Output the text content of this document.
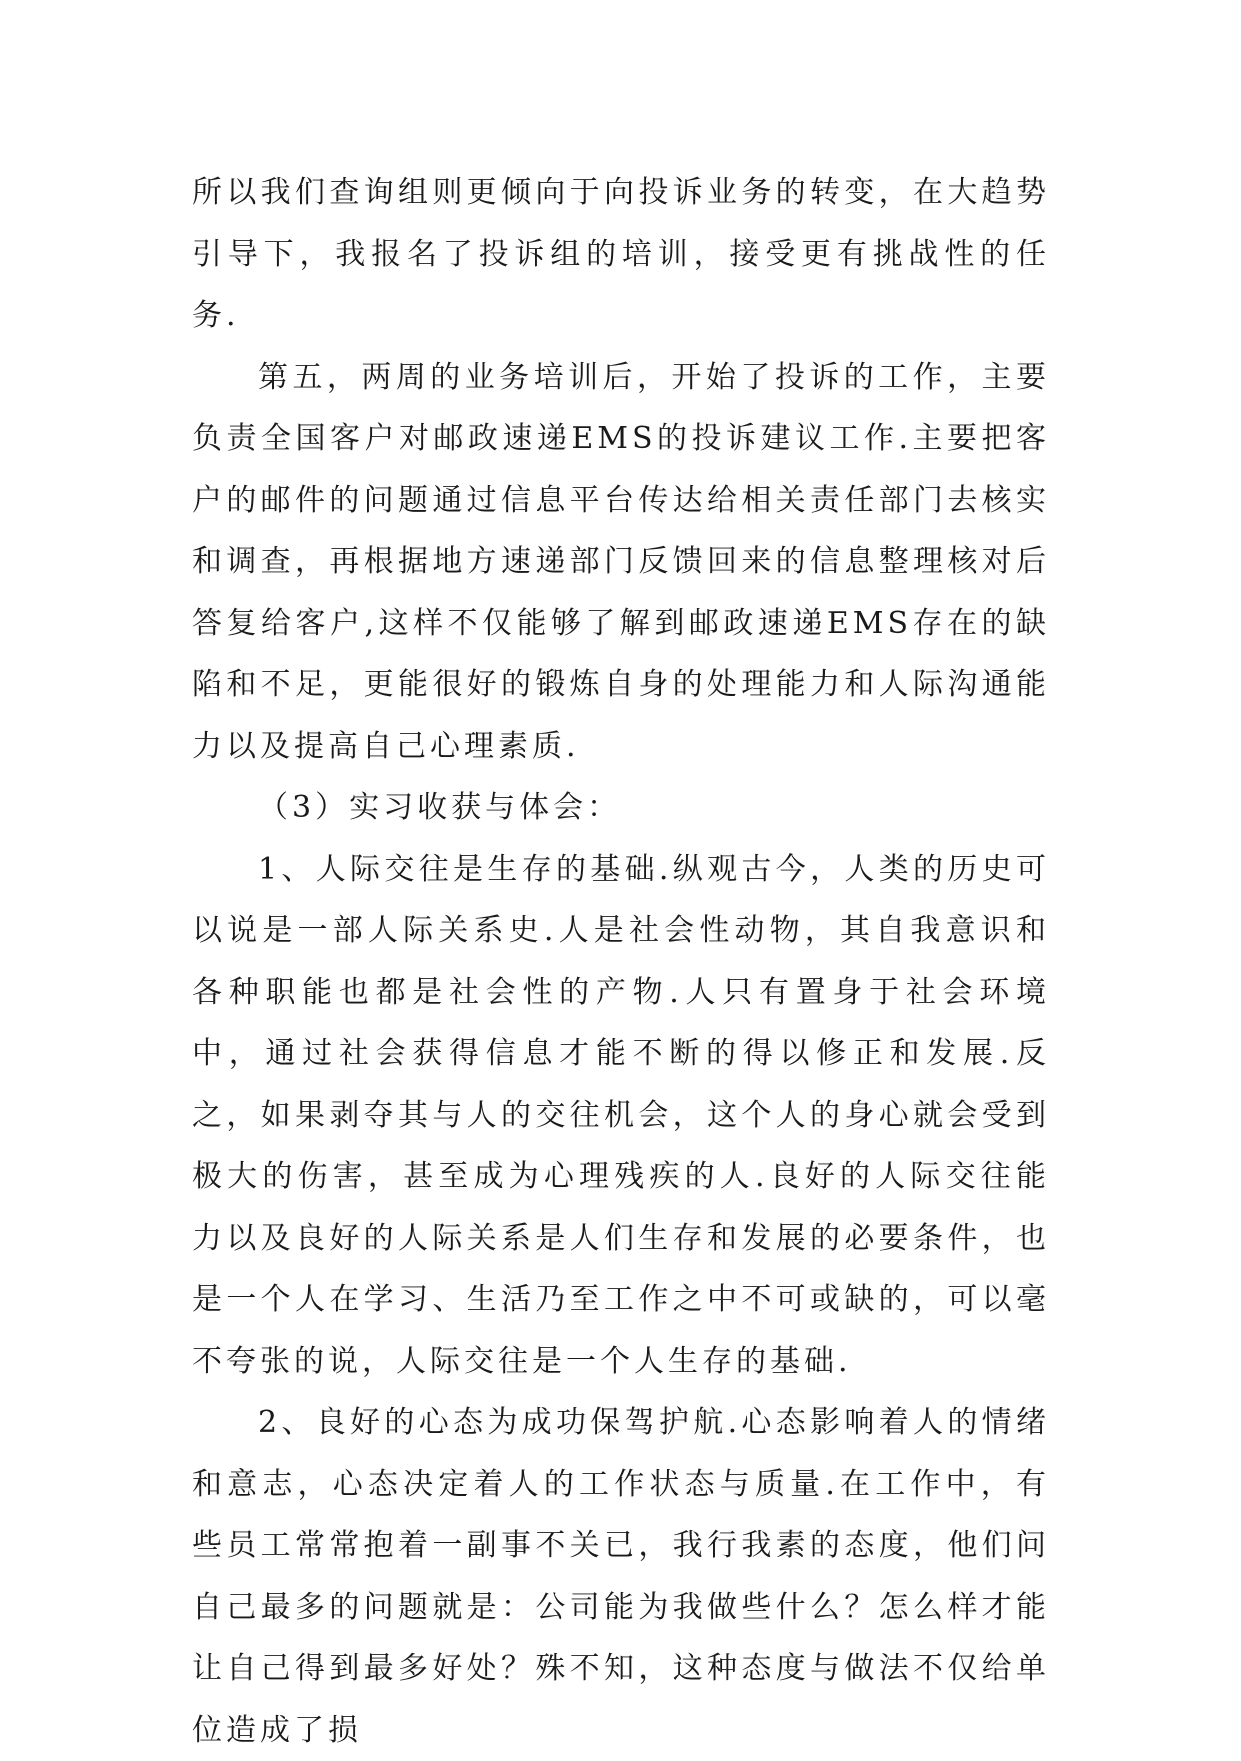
所以我们查询组则更倾向于向投诉业务的转变，在大趋势引导下，我报名了投诉组的培训，接受更有挑战性的任务.

第五，两周的业务培训后，开始了投诉的工作，主要负责全国客户对邮政速递EMS的投诉建议工作.主要把客户的邮件的问题通过信息平台传达给相关责任部门去核实和调查，再根据地方速递部门反馈回来的信息整理核对后答复给客户,这样不仅能够了解到邮政速递EMS存在的缺陷和不足，更能很好的锻炼自身的处理能力和人际沟通能力以及提高自己心理素质.

（3）实习收获与体会：

1、人际交往是生存的基础.纵观古今，人类的历史可以说是一部人际关系史.人是社会性动物，其自我意识和各种职能也都是社会性的产物.人只有置身于社会环境中，通过社会获得信息才能不断的得以修正和发展.反之，如果剥夺其与人的交往机会，这个人的身心就会受到极大的伤害，甚至成为心理残疾的人.良好的人际交往能力以及良好的人际关系是人们生存和发展的必要条件，也是一个人在学习、生活乃至工作之中不可或缺的，可以毫不夸张的说，人际交往是一个人生存的基础.

2、良好的心态为成功保驾护航.心态影响着人的情绪和意志，心态决定着人的工作状态与质量.在工作中，有些员工常常抱着一副事不关已，我行我素的态度，他们问自己最多的问题就是：公司能为我做些什么？怎么样才能让自己得到最多好处？殊不知，这种态度与做法不仅给单位造成了损
